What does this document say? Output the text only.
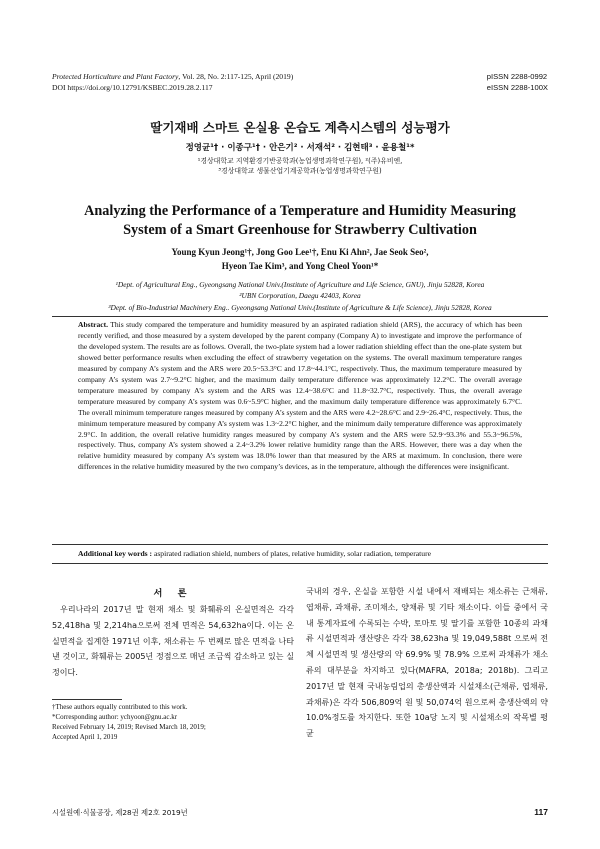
Protected Horticulture and Plant Factory, Vol. 28, No. 2:117-125, April (2019)
DOI https://doi.org/10.12791/KSBEC.2019.28.2.117
pISSN 2288-0992
eISSN 2288-100X
딸기재배 스마트 온실용 온습도 계측시스템의 성능평가
정영균¹† · 이종구¹† · 안은기² · 서재석² · 김현태³ · 윤용철¹*
¹경상대학교 지역환경기반공학과(농업생명과학연구원), ²(주)유비엔,
³경상대학교 생물산업기계공학과(농업생명과학연구원)
Analyzing the Performance of a Temperature and Humidity Measuring
System of a Smart Greenhouse for Strawberry Cultivation
Young Kyun Jeong¹†, Jong Goo Lee¹†, Enu Ki Ahn², Jae Seok Seo²,
Hyeon Tae Kim³, and Yong Cheol Yoon¹*
¹Dept. of Agricultural Eng., Gyeongsang National Univ.(Institute of Agriculture and Life Science, GNU), Jinju 52828, Korea
²UBN Corporation, Daegu 42403, Korea
³Dept. of Bio-Industrial Machinery Eng.. Gyeongsang National Univ.(Institute of Agriculture & Life Science), Jinju 52828, Korea
Abstract. This study compared the temperature and humidity measured by an aspirated radiation shield (ARS), the accuracy of which has been recently verified, and those measured by a system developed by the parent company (Company A) to investigate and improve the performance of the developed system. The results are as follows. Overall, the two-plate system had a lower radiation shielding effect than the one-plate system but showed better performance results when excluding the effect of strawberry vegetation on the systems. The overall maximum temperature ranges measured by company A’s system and the ARS were 20.5~53.3°C and 17.8~44.1°C, respectively. Thus, the maximum temperature measured by company A’s system was 2.7~9.2°C higher, and the maximum daily temperature difference was approximately 12.2°C. The overall average temperature measured by company A’s system and the ARS was 12.4~38.6°C and 11.8~32.7°C, respectively. Thus, the overall average temperature measured by company A’s system was 0.6~5.9°C higher, and the maximum daily temperature difference was approximately 6.7°C. The overall minimum temperature ranges measured by company A’s system and the ARS were 4.2~28.6°C and 2.9~26.4°C, respectively. Thus, the minimum temperature measured by company A’s system was 1.3~2.2°C higher, and the minimum daily temperature difference was approximately 2.9°C. In addition, the overall relative humidity ranges measured by company A’s system and the ARS were 52.9~93.3% and 55.3~96.5%, respectively. Thus, company A’s system showed a 2.4~3.2% lower relative humidity range than the ARS. However, there was a day when the relative humidity measured by company A’s system was 18.0% lower than that measured by the ARS at maximum. In conclusion, there were differences in the relative humidity measured by the two company’s devices, as in the temperature, although the differences were insignificant.
Additional key words : aspirated radiation shield, numbers of plates, relative humidity, solar radiation, temperature
서 론

우리나라의 2017년 말 현재 채소 및 화훼류의 온실면적은 각각 52,418ha 및 2,214ha으로써 전체 면적은 54,632ha이다. 이는 온실면적을 집계한 1971년 이후, 채소류는 두 번째로 많은 면적을 나타낸 것이고, 화훼류는 2005년 정점으로 매년 조금씩 감소하고 있는 실정이다.

국내의 경우, 온실을 포함한 시설 내에서 재배되는 채소류는 근채류, 엽채류, 과채류, 조미채소, 양채류 및 기타 채소이다. 이들 중에서 국내 통계자료에 수록되는 수박, 토마토 및 딸기를 포함한 10종의 과채류 시설면적과 생산량은 각각 38,623ha 및 19,049,588t 으로써 전체 시설면적 및 생산량의 약 69.9% 및 78.9% 으로써 과채류가 채소류의 대부분을 차지하고 있다(MAFRA, 2018a; 2018b). 그리고 2017년 말 현재 국내농림업의 총생산액과 시설채소(근채류, 엽채류, 과채류)은 각각 506,809억 원 및 50,074억 원으로써 총생산액의 약 10.0%정도를 차지한다. 또한 10a당 노지 및 시설채소의 작목별 평균

†These authors equally contributed to this work.
*Corresponding author: ychyoon@gnu.ac.kr
Received February 14, 2019; Revised March 18, 2019;
Accepted April 1, 2019
시설원예·식물공장, 제28권 제2호 2019년	117
